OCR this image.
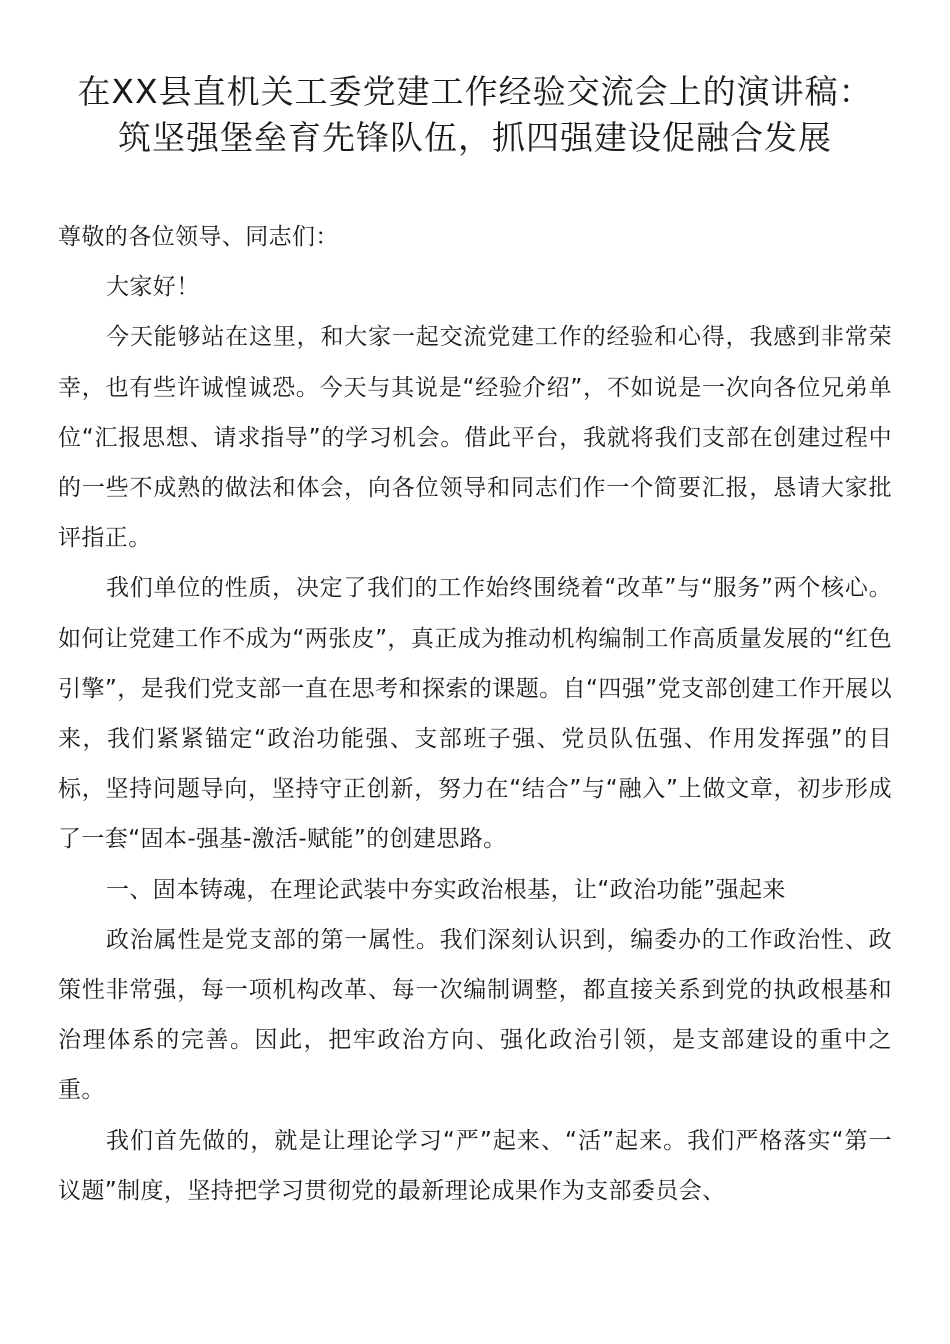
在XX县直机关工委党建工作经验交流会上的演讲稿：
筑坚强堡垒育先锋队伍，抓四强建设促融合发展

尊敬的各位领导、同志们：

大家好！

今天能够站在这里，和大家一起交流党建工作的经验和心得，我感到非常荣幸，也有些许诚惶诚恐。今天与其说是“经验介绍”，不如说是一次向各位兄弟单位“汇报思想、请求指导”的学习机会。借此平台，我就将我们支部在创建过程中的一些不成熟的做法和体会，向各位领导和同志们作一个简要汇报，恳请大家批评指正。

我们单位的性质，决定了我们的工作始终围绕着“改革”与“服务”两个核心。如何让党建工作不成为“两张皮”，真正成为推动机构编制工作高质量发展的“红色引擎”，是我们党支部一直在思考和探索的课题。自“四强”党支部创建工作开展以来，我们紧紧锚定“政治功能强、支部班子强、党员队伍强、作用发挥强”的目标，坚持问题导向，坚持守正创新，努力在“结合”与“融入”上做文章，初步形成了一套“固本-强基-激活-赋能”的创建思路。

一、固本铸魂，在理论武装中夯实政治根基，让“政治功能”强起来

政治属性是党支部的第一属性。我们深刻认识到，编委办的工作政治性、政策性非常强，每一项机构改革、每一次编制调整，都直接关系到党的执政根基和治理体系的完善。因此，把牢政治方向、强化政治引领，是支部建设的重中之重。

我们首先做的，就是让理论学习“严”起来、“活”起来。我们严格落实“第一议题”制度，坚持把学习贯彻党的最新理论成果作为支部委员会、
